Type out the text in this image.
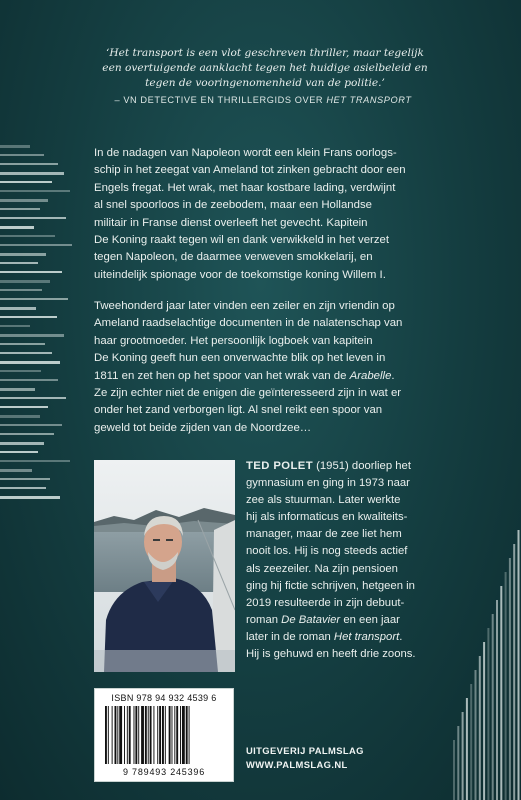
‘Het transport is een vlot geschreven thriller, maar tegelijk
een overtuigende aanklacht tegen het huidige asielbeleid en
tegen de vooringenomenheid van de politie.’
– VN DETECTIVE EN THRILLERGIDS OVER HET TRANSPORT
In de nadagen van Napoleon wordt een klein Frans oorlogs-
schip in het zeegat van Ameland tot zinken gebracht door een
Engels fregat. Het wrak, met haar kostbare lading, verdwijnt
al snel spoorloos in de zeebodem, maar een Hollandse
militair in Franse dienst overleeft het gevecht. Kapitein
De Koning raakt tegen wil en dank verwikkeld in het verzet
tegen Napoleon, de daarmee verweven smokkelarij, en
uiteindelijk spionage voor de toekomstige koning Willem I.
Tweehonderd jaar later vinden een zeiler en zijn vriendin op
Ameland raadselachtige documenten in de nalatenschap van
haar grootmoeder. Het persoonlijk logboek van kapitein
De Koning geeft hun een onverwachte blik op het leven in
1811 en zet hen op het spoor van het wrak van de Arabelle.
Ze zijn echter niet de enigen die geïnteresseerd zijn in wat er
onder het zand verborgen ligt. Al snel reikt een spoor van
geweld tot beide zijden van de Noordzee…
TED POLET (1951) doorliep het
gymnasium en ging in 1973 naar
zee als stuurman. Later werkte
hij als informaticus en kwaliteits-
manager, maar de zee liet hem
nooit los. Hij is nog steeds actief
als zeezeiler. Na zijn pensioen
ging hij fictie schrijven, hetgeen in
2019 resulteerde in zijn debuut-
roman De Batavier en een jaar
later in de roman Het transport.
Hij is gehuwd en heeft drie zoons.
ISBN 978 94 932 4539 6
9 789493 245396
UITGEVERIJ PALMSLAG
WWW.PALMSLAG.NL
